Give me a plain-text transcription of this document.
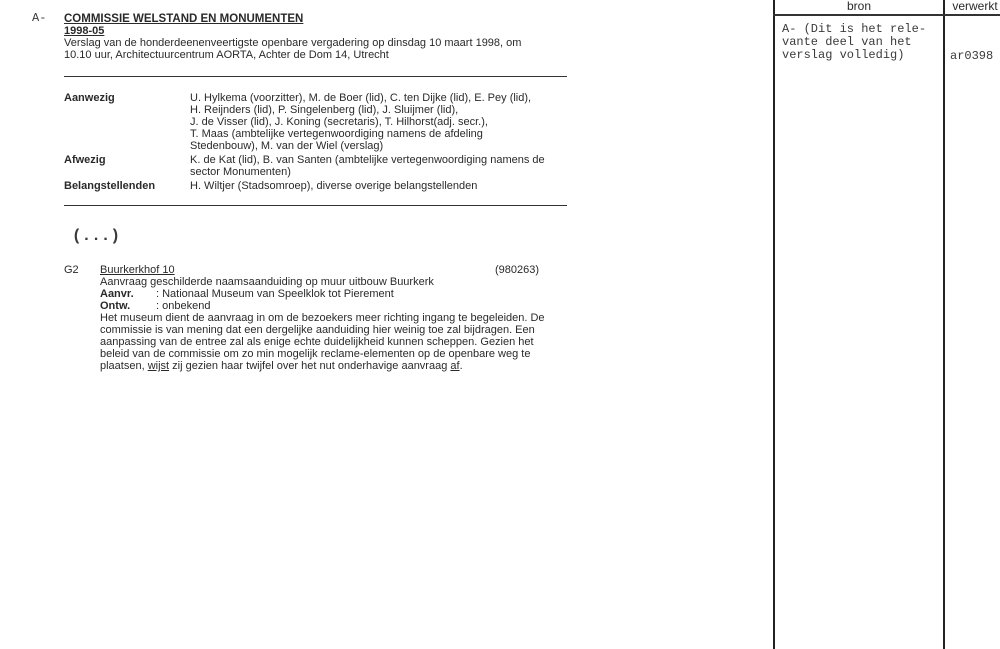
A- COMMISSIE WELSTAND EN MONUMENTEN
1998-05
Verslag van de honderdeenenveertigste openbare vergadering op dinsdag 10 maart 1998, om
10.10 uur, Architectuurcentrum AORTA, Achter de Dom 14, Utrecht
Aanwezig	U. Hylkema (voorzitter), M. de Boer (lid), C. ten Dijke (lid), E. Pey (lid),
H. Reijnders (lid), P. Singelenberg (lid), J. Sluijmer (lid),
J. de Visser (lid), J. Koning (secretaris), T. Hilhorst(adj. secr.),
T. Maas (ambtelijke vertegenwoordiging namens de afdeling
Stedenbouw), M. van der Wiel (verslag)
Afwezig	K. de Kat (lid), B. van Santen (ambtelijke vertegenwoordiging namens de
sector Monumenten)
Belangstellenden	H. Wiltjer (Stadsomroep), diverse overige belangstellenden
(...)
G2 Buurkerkhof 10	(980263)
Aanvraag geschilderde naamsaanduiding op muur uitbouw Buurkerk
Aanvr. : Nationaal Museum van Speelklok tot Pierement
Ontw. : onbekend
Het museum dient de aanvraag in om de bezoekers meer richting ingang te begeleiden. De
commissie is van mening dat een dergelijke aanduiding hier weinig toe zal bijdragen. Een
aanpassing van de entree zal als enige echte duidelijkheid kunnen scheppen. Gezien het
beleid van de commissie om zo min mogelijk reclame-elementen op de openbare weg te
plaatsen, wijst zij gezien haar twijfel over het nut onderhavige aanvraag af.
bron	verwerkt
A- (Dit is het rele-
vante deel van het
verslag volledig)	ar0398
